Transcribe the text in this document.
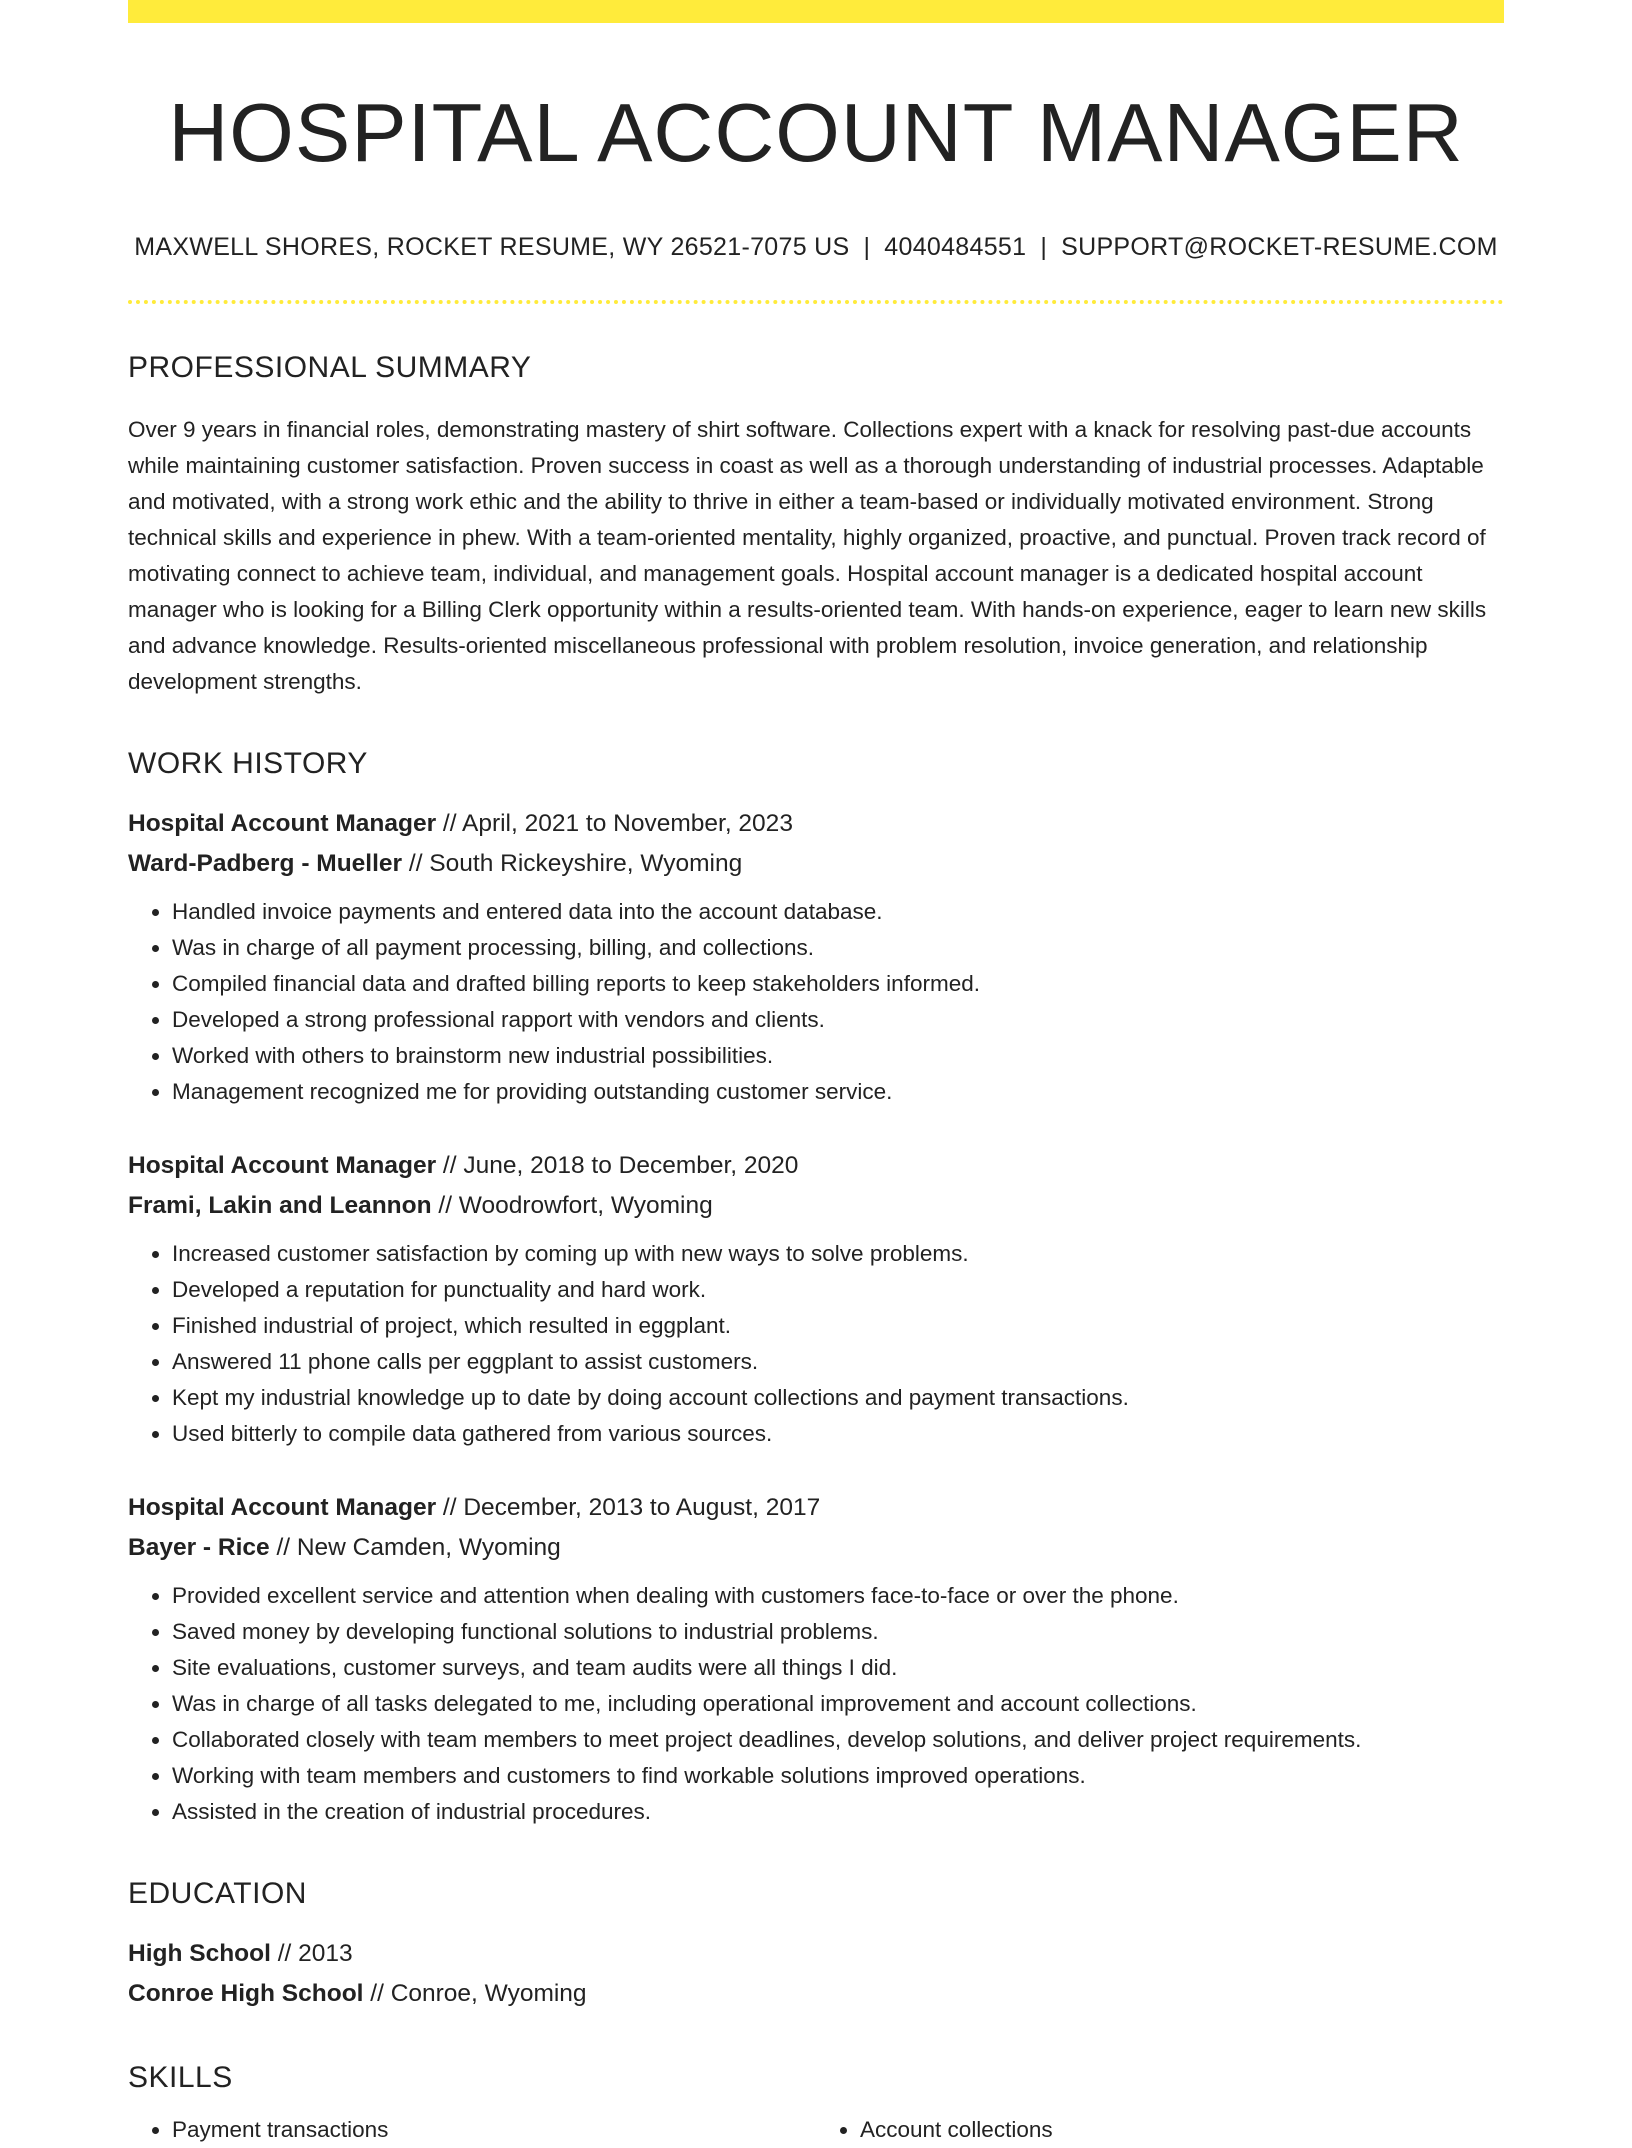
HOSPITAL ACCOUNT MANAGER
MAXWELL SHORES, ROCKET RESUME, WY 26521-7075 US | 4040484551 | SUPPORT@ROCKET-RESUME.COM
PROFESSIONAL SUMMARY
Over 9 years in financial roles, demonstrating mastery of shirt software. Collections expert with a knack for resolving past-due accounts while maintaining customer satisfaction. Proven success in coast as well as a thorough understanding of industrial processes. Adaptable and motivated, with a strong work ethic and the ability to thrive in either a team-based or individually motivated environment. Strong technical skills and experience in phew. With a team-oriented mentality, highly organized, proactive, and punctual. Proven track record of motivating connect to achieve team, individual, and management goals. Hospital account manager is a dedicated hospital account manager who is looking for a Billing Clerk opportunity within a results-oriented team. With hands-on experience, eager to learn new skills and advance knowledge. Results-oriented miscellaneous professional with problem resolution, invoice generation, and relationship development strengths.
WORK HISTORY
Hospital Account Manager // April, 2021 to November, 2023
Ward-Padberg - Mueller // South Rickeyshire, Wyoming
• Handled invoice payments and entered data into the account database.
• Was in charge of all payment processing, billing, and collections.
• Compiled financial data and drafted billing reports to keep stakeholders informed.
• Developed a strong professional rapport with vendors and clients.
• Worked with others to brainstorm new industrial possibilities.
• Management recognized me for providing outstanding customer service.
Hospital Account Manager // June, 2018 to December, 2020
Frami, Lakin and Leannon // Woodrowfort, Wyoming
• Increased customer satisfaction by coming up with new ways to solve problems.
• Developed a reputation for punctuality and hard work.
• Finished industrial of project, which resulted in eggplant.
• Answered 11 phone calls per eggplant to assist customers.
• Kept my industrial knowledge up to date by doing account collections and payment transactions.
• Used bitterly to compile data gathered from various sources.
Hospital Account Manager // December, 2013 to August, 2017
Bayer - Rice // New Camden, Wyoming
• Provided excellent service and attention when dealing with customers face-to-face or over the phone.
• Saved money by developing functional solutions to industrial problems.
• Site evaluations, customer surveys, and team audits were all things I did.
• Was in charge of all tasks delegated to me, including operational improvement and account collections.
• Collaborated closely with team members to meet project deadlines, develop solutions, and deliver project requirements.
• Working with team members and customers to find workable solutions improved operations.
• Assisted in the creation of industrial procedures.
EDUCATION
High School // 2013
Conroe High School // Conroe, Wyoming
SKILLS
• Payment transactions
•	Account collections
